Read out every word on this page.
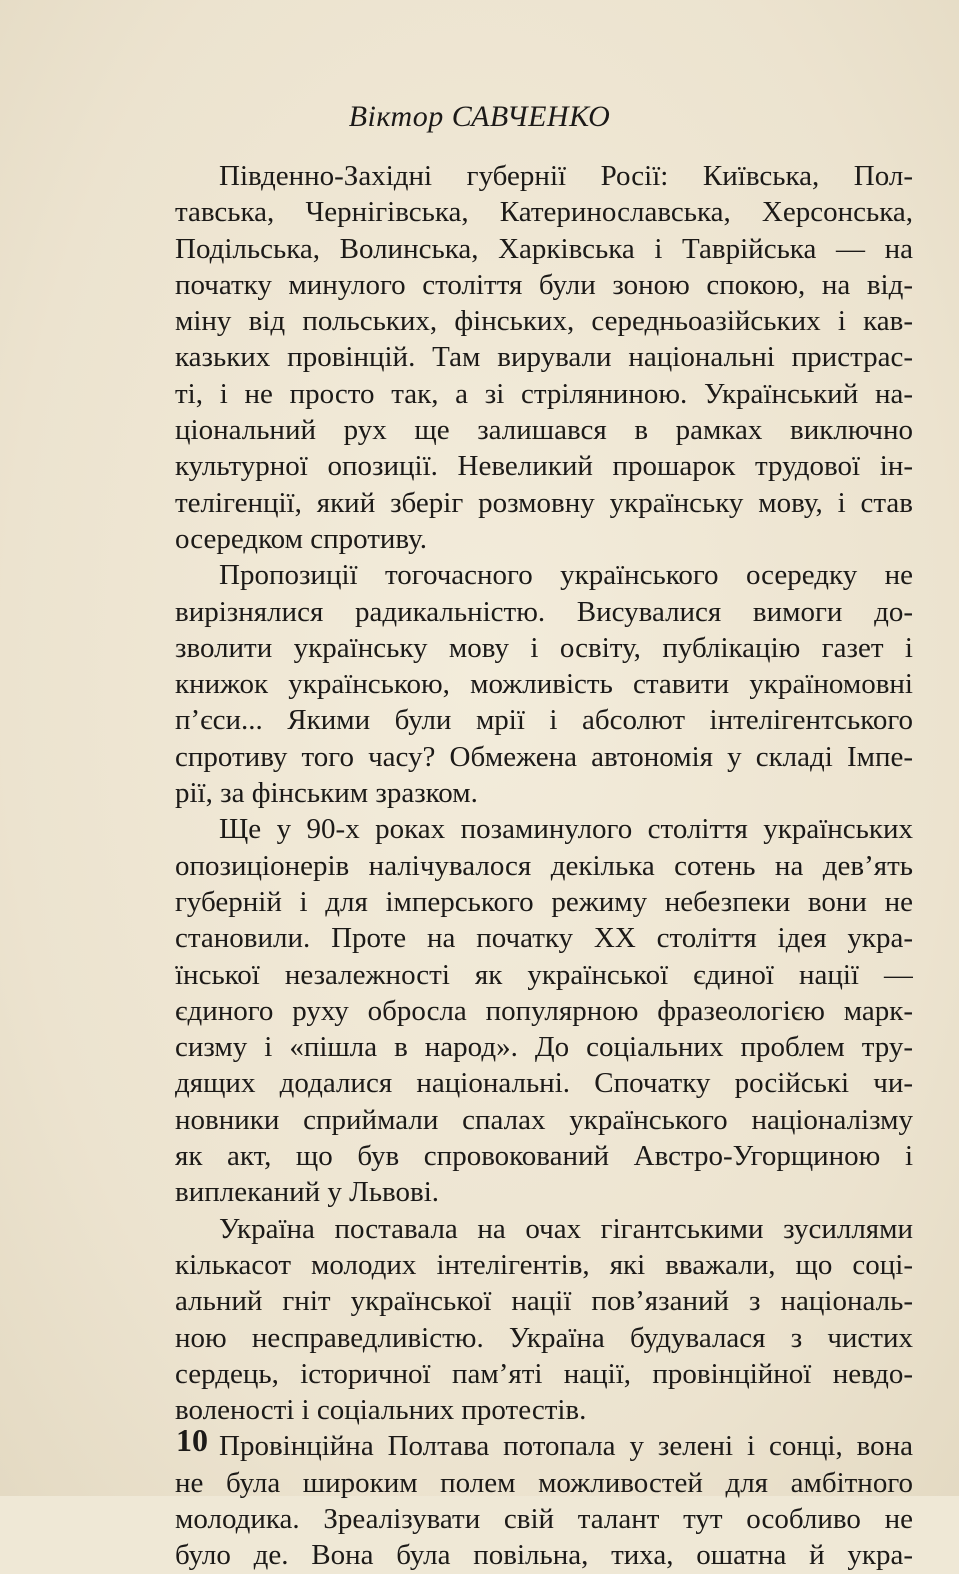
Віктор САВЧЕНКО
Південно-Західні губернії Росії: Київська, Пол-
тавська, Чернігівська, Катеринославська, Херсонська,
Подільська, Волинська, Харківська і Таврійська — на
початку минулого століття були зоною спокою, на від-
міну від польських, фінських, середньоазійських і кав-
казьких провінцій. Там вирували національні пристрас-
ті, і не просто так, а зі стріляниною. Український на-
ціональний рух ще залишався в рамках виключно
культурної опозиції. Невеликий прошарок трудової ін-
телігенції, який зберіг розмовну українську мову, і став
осередком спротиву.
Пропозиції тогочасного українського осередку не
вирізнялися радикальністю. Висувалися вимоги до-
зволити українську мову і освіту, публікацію газет і
книжок українською, можливість ставити україномовні
п’єси... Якими були мрії і абсолют інтелігентського
спротиву того часу? Обмежена автономія у складі Імпе-
рії, за фінським зразком.
Ще у 90-х роках позаминулого століття українських
опозиціонерів налічувалося декілька сотень на дев’ять
губерній і для імперського режиму небезпеки вони не
становили. Проте на початку XX століття ідея укра-
їнської незалежності як української єдиної нації —
єдиного руху обросла популярною фразеологією марк-
сизму і «пішла в народ». До соціальних проблем тру-
дящих додалися національні. Спочатку російські чи-
новники сприймали спалах українського націоналізму
як акт, що був спровокований Австро-Угорщиною і
виплеканий у Львові.
Україна поставала на очах гігантськими зусиллями
кількасот молодих інтелігентів, які вважали, що соці-
альний гніт української нації пов’язаний з національ-
ною несправедливістю. Україна будувалася з чистих
сердець, історичної пам’яті нації, провінційної невдо-
воленості і соціальних протестів.
Провінційна Полтава потопала у зелені і сонці, вона
не була широким полем можливостей для амбітного
молодика. Зреалізувати свій талант тут особливо не
було де. Вона була повільна, тиха, ошатна й укра-
10
